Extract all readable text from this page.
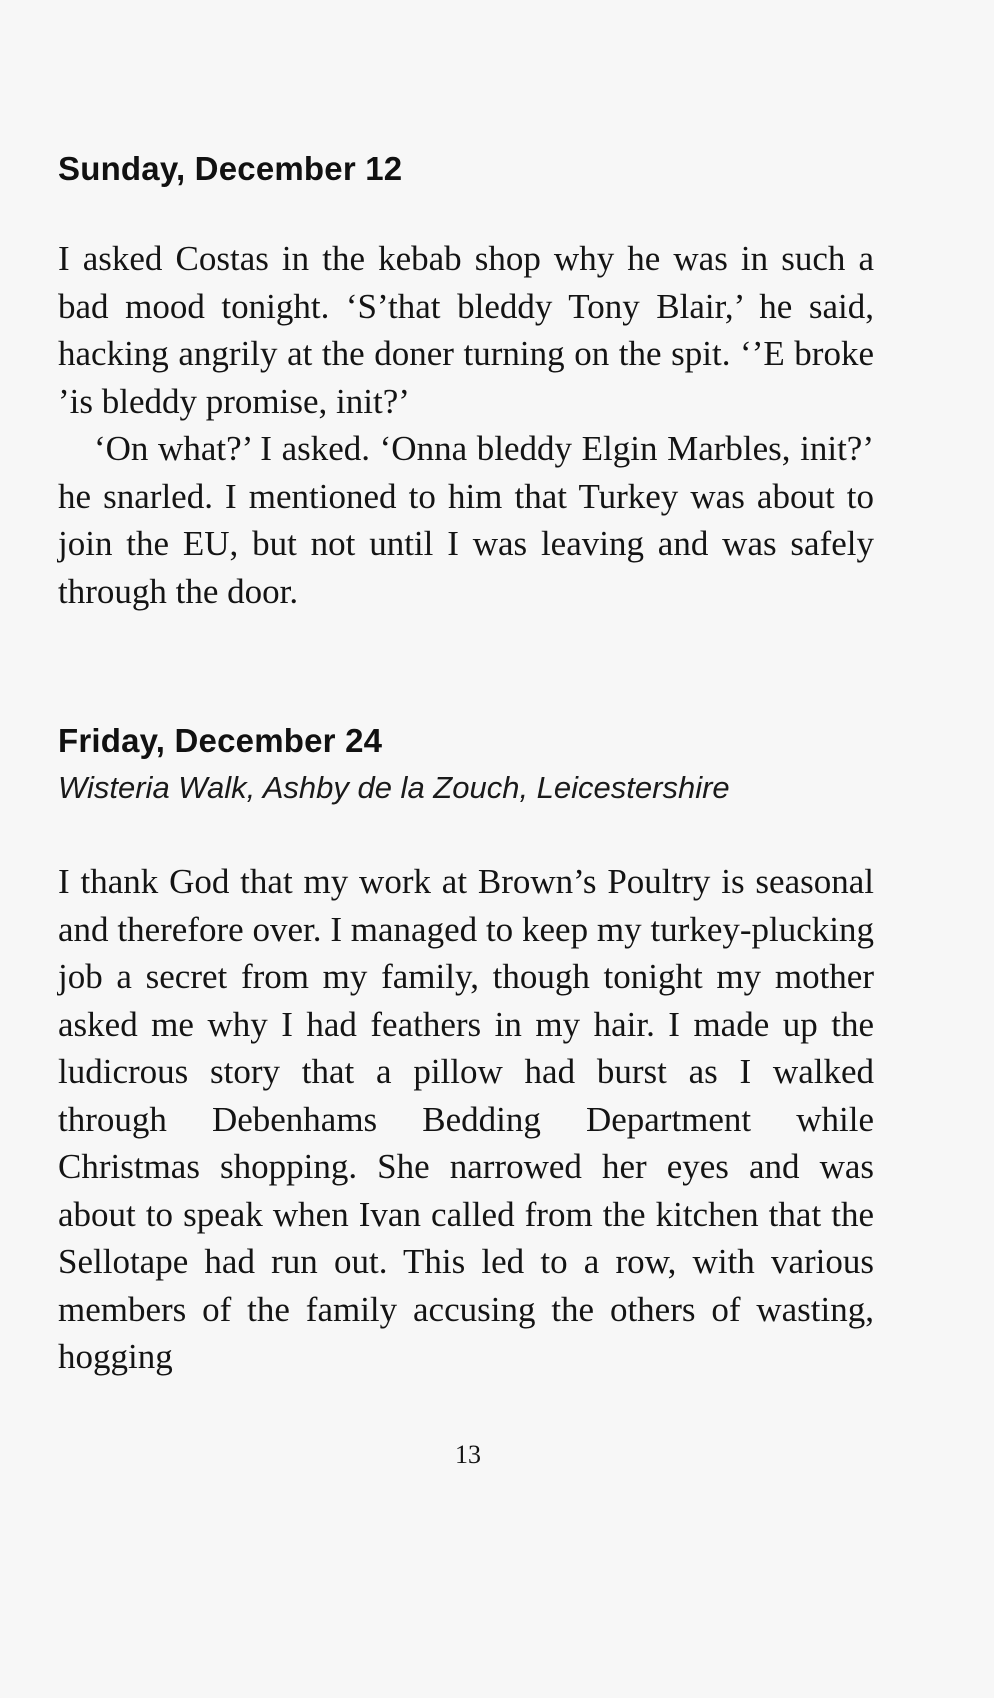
Sunday, December 12

I asked Costas in the kebab shop why he was in such a bad mood tonight. ‘S’that bleddy Tony Blair,’ he said, hacking angrily at the doner turning on the spit. ‘’E broke ’is bleddy promise, init?’

‘On what?’ I asked. ‘Onna bleddy Elgin Marbles, init?’ he snarled. I mentioned to him that Turkey was about to join the EU, but not until I was leaving and was safely through the door.

Friday, December 24

Wisteria Walk, Ashby de la Zouch, Leicestershire

I thank God that my work at Brown’s Poultry is seasonal and therefore over. I managed to keep my turkey-plucking job a secret from my family, though tonight my mother asked me why I had feathers in my hair. I made up the ludicrous story that a pillow had burst as I walked through Debenhams Bedding Department while Christmas shopping. She narrowed her eyes and was about to speak when Ivan called from the kitchen that the Sellotape had run out. This led to a row, with various members of the family accusing the others of wasting, hogging

13
